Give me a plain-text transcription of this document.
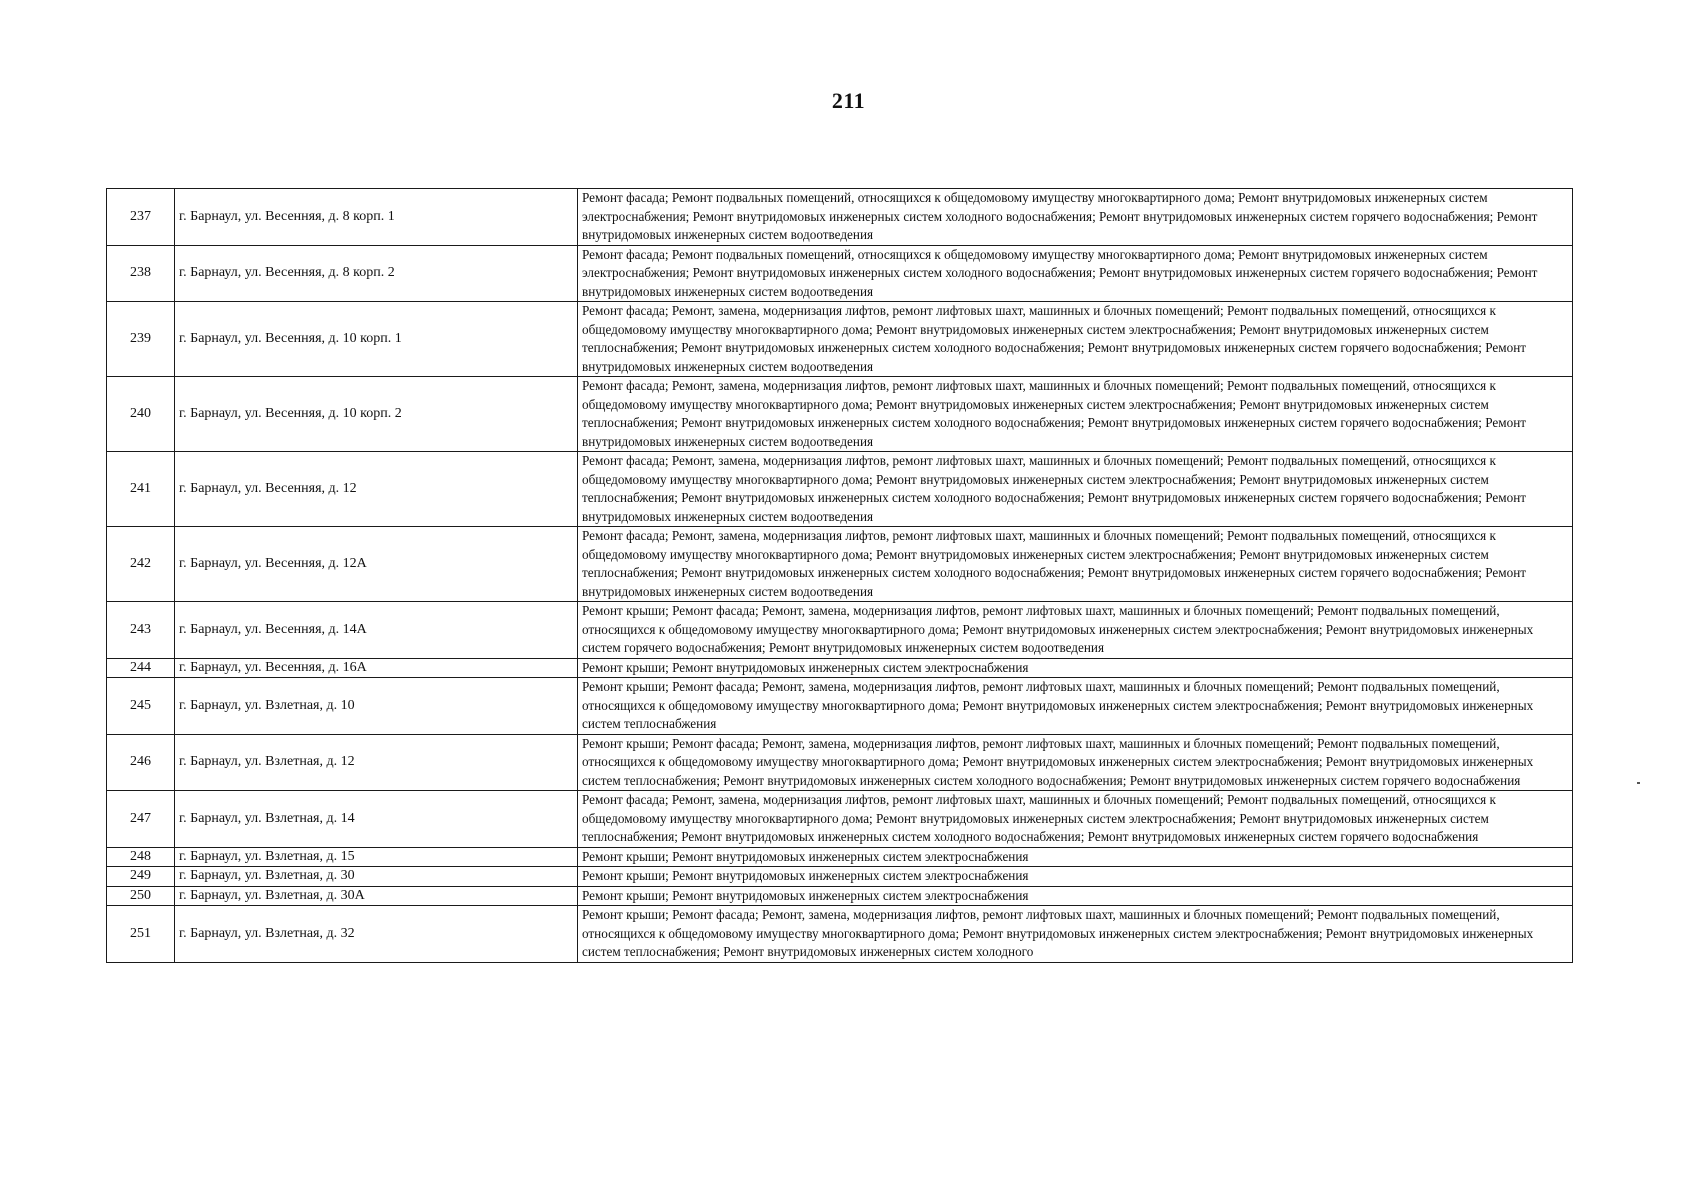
211
237	г. Барнаул, ул. Весенняя, д. 8 корп. 1	Ремонт фасада; Ремонт подвальных помещений, относящихся к общедомовому имуществу многоквартирного дома; Ремонт внутридомовых инженерных систем электроснабжения; Ремонт внутридомовых инженерных систем холодного водоснабжения; Ремонт внутридомовых инженерных систем горячего водоснабжения; Ремонт внутридомовых инженерных систем водоотведения
238	г. Барнаул, ул. Весенняя, д. 8 корп. 2	Ремонт фасада; Ремонт подвальных помещений, относящихся к общедомовому имуществу многоквартирного дома; Ремонт внутридомовых инженерных систем электроснабжения; Ремонт внутридомовых инженерных систем холодного водоснабжения; Ремонт внутридомовых инженерных систем горячего водоснабжения; Ремонт внутридомовых инженерных систем водоотведения
239	г. Барнаул, ул. Весенняя, д. 10 корп. 1	Ремонт фасада; Ремонт, замена, модернизация лифтов, ремонт лифтовых шахт, машинных и блочных помещений; Ремонт подвальных помещений, относящихся к общедомовому имуществу многоквартирного дома; Ремонт внутридомовых инженерных систем электроснабжения; Ремонт внутридомовых инженерных систем теплоснабжения; Ремонт внутридомовых инженерных систем холодного водоснабжения; Ремонт внутридомовых инженерных систем горячего водоснабжения; Ремонт внутридомовых инженерных систем водоотведения
240	г. Барнаул, ул. Весенняя, д. 10 корп. 2	Ремонт фасада; Ремонт, замена, модернизация лифтов, ремонт лифтовых шахт, машинных и блочных помещений; Ремонт подвальных помещений, относящихся к общедомовому имуществу многоквартирного дома; Ремонт внутридомовых инженерных систем электроснабжения; Ремонт внутридомовых инженерных систем теплоснабжения; Ремонт внутридомовых инженерных систем холодного водоснабжения; Ремонт внутридомовых инженерных систем горячего водоснабжения; Ремонт внутридомовых инженерных систем водоотведения
241	г. Барнаул, ул. Весенняя, д. 12	Ремонт фасада; Ремонт, замена, модернизация лифтов, ремонт лифтовых шахт, машинных и блочных помещений; Ремонт подвальных помещений, относящихся к общедомовому имуществу многоквартирного дома; Ремонт внутридомовых инженерных систем электроснабжения; Ремонт внутридомовых инженерных систем теплоснабжения; Ремонт внутридомовых инженерных систем холодного водоснабжения; Ремонт внутридомовых инженерных систем горячего водоснабжения; Ремонт внутридомовых инженерных систем водоотведения
242	г. Барнаул, ул. Весенняя, д. 12А	Ремонт фасада; Ремонт, замена, модернизация лифтов, ремонт лифтовых шахт, машинных и блочных помещений; Ремонт подвальных помещений, относящихся к общедомовому имуществу многоквартирного дома; Ремонт внутридомовых инженерных систем электроснабжения; Ремонт внутридомовых инженерных систем теплоснабжения; Ремонт внутридомовых инженерных систем холодного водоснабжения; Ремонт внутридомовых инженерных систем горячего водоснабжения; Ремонт внутридомовых инженерных систем водоотведения
243	г. Барнаул, ул. Весенняя, д. 14А	Ремонт крыши; Ремонт фасада; Ремонт, замена, модернизация лифтов, ремонт лифтовых шахт, машинных и блочных помещений; Ремонт подвальных помещений, относящихся к общедомовому имуществу многоквартирного дома; Ремонт внутридомовых инженерных систем электроснабжения; Ремонт внутридомовых инженерных систем горячего водоснабжения; Ремонт внутридомовых инженерных систем водоотведения
244	г. Барнаул, ул. Весенняя, д. 16А	Ремонт крыши; Ремонт внутридомовых инженерных систем электроснабжения
245	г. Барнаул, ул. Взлетная, д. 10	Ремонт крыши; Ремонт фасада; Ремонт, замена, модернизация лифтов, ремонт лифтовых шахт, машинных и блочных помещений; Ремонт подвальных помещений, относящихся к общедомовому имуществу многоквартирного дома; Ремонт внутридомовых инженерных систем электроснабжения; Ремонт внутридомовых инженерных систем теплоснабжения
246	г. Барнаул, ул. Взлетная, д. 12	Ремонт крыши; Ремонт фасада; Ремонт, замена, модернизация лифтов, ремонт лифтовых шахт, машинных и блочных помещений; Ремонт подвальных помещений, относящихся к общедомовому имуществу многоквартирного дома; Ремонт внутридомовых инженерных систем электроснабжения; Ремонт внутридомовых инженерных систем теплоснабжения; Ремонт внутридомовых инженерных систем холодного водоснабжения; Ремонт внутридомовых инженерных систем горячего водоснабжения
247	г. Барнаул, ул. Взлетная, д. 14	Ремонт фасада; Ремонт, замена, модернизация лифтов, ремонт лифтовых шахт, машинных и блочных помещений; Ремонт подвальных помещений, относящихся к общедомовому имуществу многоквартирного дома; Ремонт внутридомовых инженерных систем электроснабжения; Ремонт внутридомовых инженерных систем теплоснабжения; Ремонт внутридомовых инженерных систем холодного водоснабжения; Ремонт внутридомовых инженерных систем горячего водоснабжения
248	г. Барнаул, ул. Взлетная, д. 15	Ремонт крыши; Ремонт внутридомовых инженерных систем электроснабжения
249	г. Барнаул, ул. Взлетная, д. 30	Ремонт крыши; Ремонт внутридомовых инженерных систем электроснабжения
250	г. Барнаул, ул. Взлетная, д. 30А	Ремонт крыши; Ремонт внутридомовых инженерных систем электроснабжения
251	г. Барнаул, ул. Взлетная, д. 32	Ремонт крыши; Ремонт фасада; Ремонт, замена, модернизация лифтов, ремонт лифтовых шахт, машинных и блочных помещений; Ремонт подвальных помещений, относящихся к общедомовому имуществу многоквартирного дома; Ремонт внутридомовых инженерных систем электроснабжения; Ремонт внутридомовых инженерных систем теплоснабжения; Ремонт внутридомовых инженерных систем холодного
